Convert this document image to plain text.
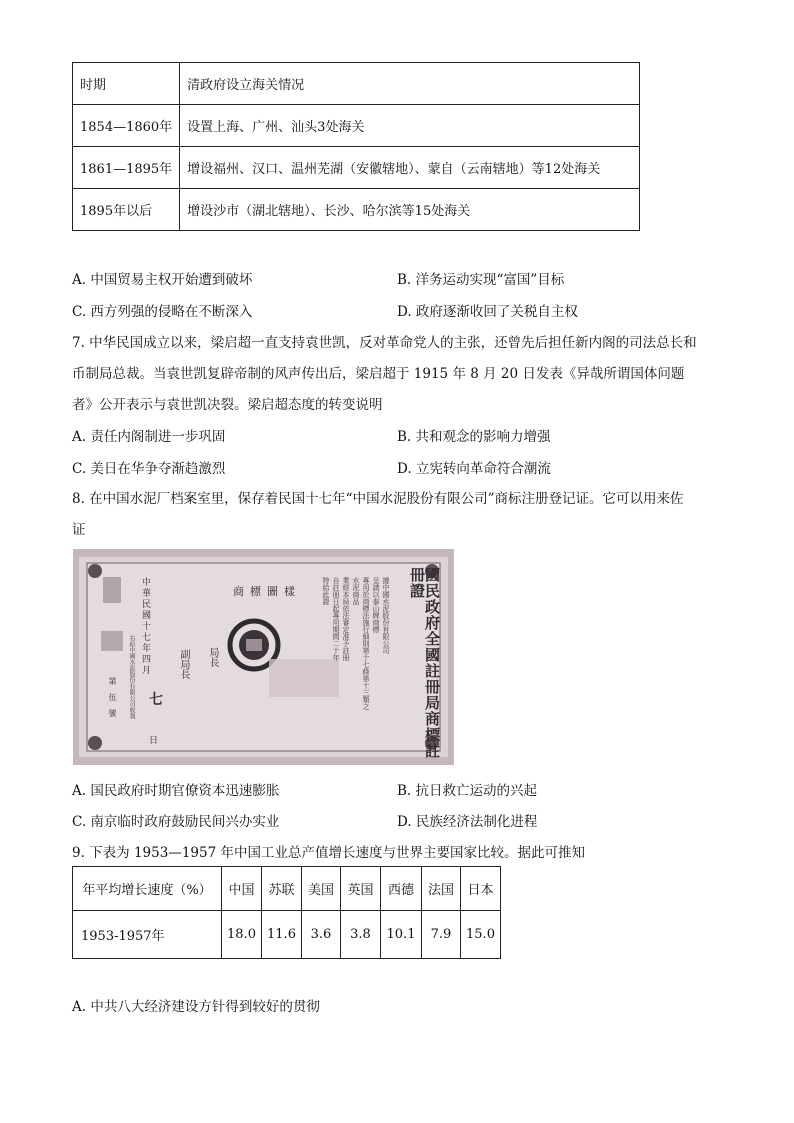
时期	清政府设立海关情况
1854—1860年	设置上海、广州、汕头3处海关
1861—1895年	增设福州、汉口、温州芜湖（安徽辖地）、蒙自（云南辖地）等12处海关
1895年以后	增设沙市（湖北辖地）、长沙、哈尔滨等15处海关
A. 中国贸易主权开始遭到破坏	B. 洋务运动实现“富国”目标
C. 西方列强的侵略在不断深入	D. 政府逐渐收回了关税自主权
7. 中华民国成立以来，梁启超一直支持袁世凯，反对革命党人的主张，还曾先后担任新内阁的司法总长和
币制局总裁。当袁世凯复辟帝制的风声传出后，梁启超于 1915 年 8 月 20 日发表《异哉所谓国体问题
者》公开表示与袁世凯决裂。梁启超态度的转变说明
A. 责任内阁制进一步巩固	B. 共和观念的影响力增强
C. 美日在华争夺渐趋激烈	D. 立宪转向革命符合潮流
8. 在中国水泥厂档案室里，保存着民国十七年“中国水泥股份有限公司”商标注册登记证。它可以用来佐
证
國民政府全國註冊局商標註冊證
商標圖樣	據中國水泥股份有限公司
呈請以泰山牌商標
專用於商標法施行細則第十七條第十三類之
水泥商品
業經本局依法審定准予註冊
自註冊日起專用期間二十年
特給此證
中華民國十七年四月
右給中國水泥股份有限公司收執	局長
副局長
七
第　伍　號
日
A. 国民政府时期官僚资本迅速膨胀	B. 抗日救亡运动的兴起
C. 南京临时政府鼓励民间兴办实业	D. 民族经济法制化进程
9. 下表为 1953—1957 年中国工业总产值增长速度与世界主要国家比较。据此可推知
年平均增长速度（%）	中国	苏联	美国	英国	西德	法国	日本
1953-1957年	18.0	11.6	3.6	3.8	10.1	7.9	15.0
A. 中共八大经济建设方针得到较好的贯彻
